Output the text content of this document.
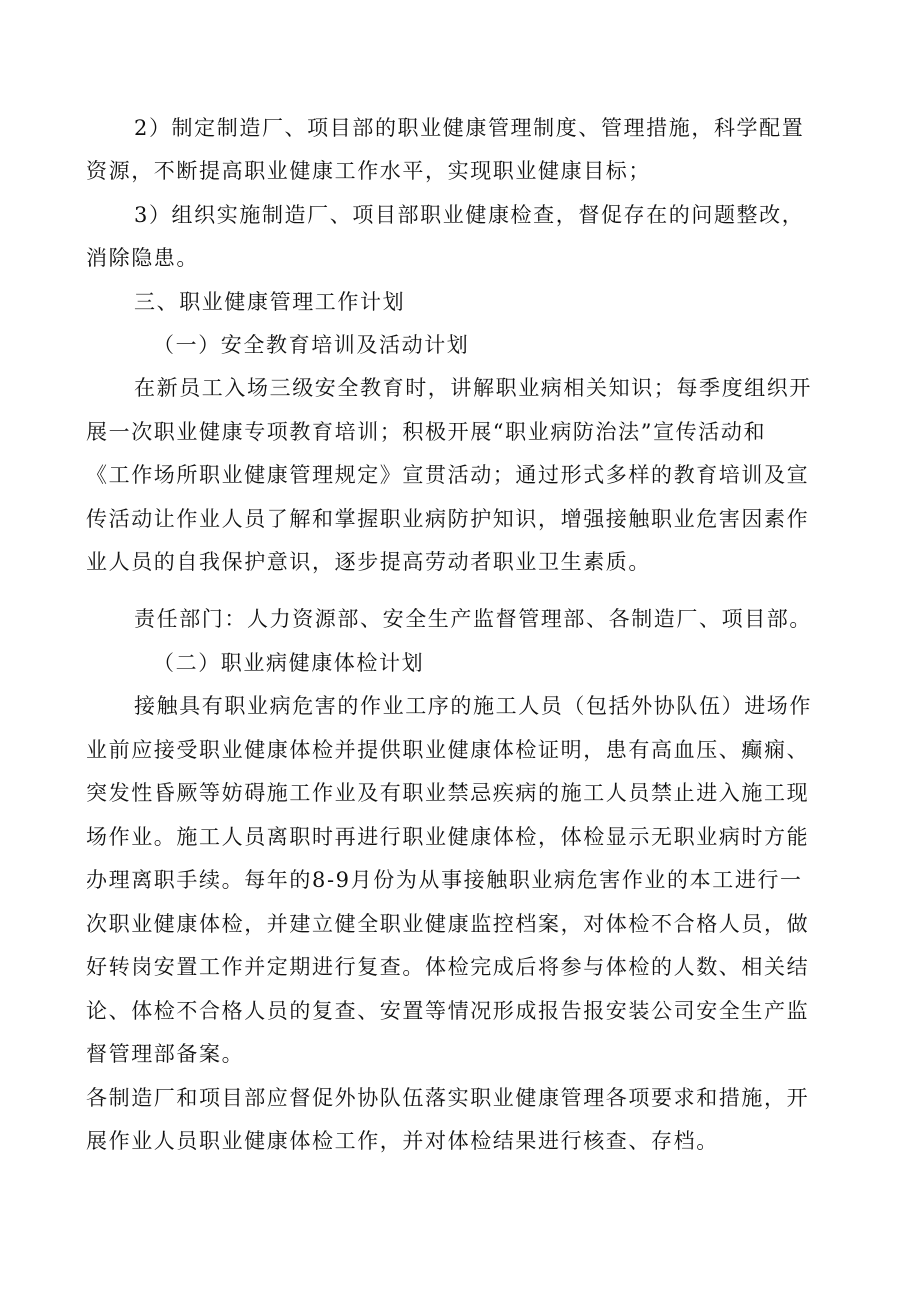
2）制定制造厂、项目部的职业健康管理制度、管理措施，科学配置
资源，不断提高职业健康工作水平，实现职业健康目标；
3）组织实施制造厂、项目部职业健康检查，督促存在的问题整改，
消除隐患。
三、职业健康管理工作计划
（一）安全教育培训及活动计划
在新员工入场三级安全教育时，讲解职业病相关知识；每季度组织开
展一次职业健康专项教育培训；积极开展“职业病防治法”宣传活动和
《工作场所职业健康管理规定》宣贯活动；通过形式多样的教育培训及宣
传活动让作业人员了解和掌握职业病防护知识，增强接触职业危害因素作
业人员的自我保护意识，逐步提高劳动者职业卫生素质。
责任部门：人力资源部、安全生产监督管理部、各制造厂、项目部。
（二）职业病健康体检计划
接触具有职业病危害的作业工序的施工人员（包括外协队伍）进场作
业前应接受职业健康体检并提供职业健康体检证明，患有高血压、癫痫、
突发性昏厥等妨碍施工作业及有职业禁忌疾病的施工人员禁止进入施工现
场作业。施工人员离职时再进行职业健康体检，体检显示无职业病时方能
办理离职手续。每年的8-9月份为从事接触职业病危害作业的本工进行一
次职业健康体检，并建立健全职业健康监控档案，对体检不合格人员，做
好转岗安置工作并定期进行复查。体检完成后将参与体检的人数、相关结
论、体检不合格人员的复查、安置等情况形成报告报安装公司安全生产监
督管理部备案。
各制造厂和项目部应督促外协队伍落实职业健康管理各项要求和措施，开
展作业人员职业健康体检工作，并对体检结果进行核查、存档。
